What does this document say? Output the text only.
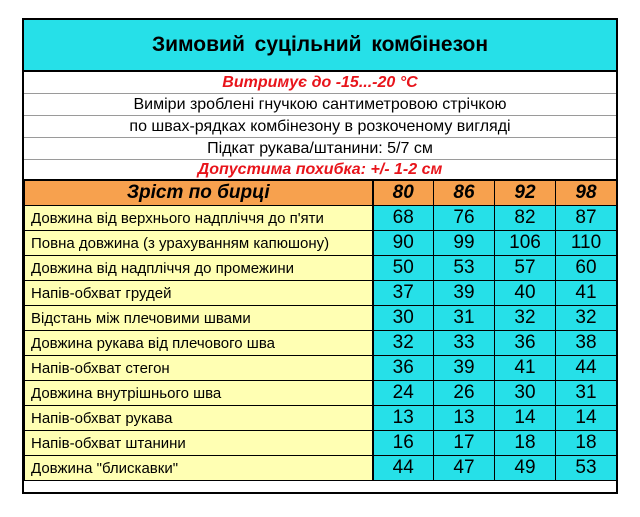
Зимовий суцільний комбінезон
Витримує до -15...-20 °C
Виміри зроблені гнучкою сантиметровою стрічкою
по швах-рядках комбінезону в розкоченому вигляді
Підкат рукава/штанини: 5/7 см
Допустима похибка: +/- 1-2 см
Зріст по бирці	80	86	92	98
Довжина від верхнього надпліччя до п'яти	68	76	82	87
Повна довжина (з урахуванням капюшону)	90	99	106	110
Довжина від надпліччя до промежини	50	53	57	60
Напів-обхват грудей	37	39	40	41
Відстань між плечовими швами	30	31	32	32
Довжина рукава від плечового шва	32	33	36	38
Напів-обхват стегон	36	39	41	44
Довжина внутрішнього шва	24	26	30	31
Напів-обхват рукава	13	13	14	14
Напів-обхват штанини	16	17	18	18
Довжина "блискавки"	44	47	49	53
